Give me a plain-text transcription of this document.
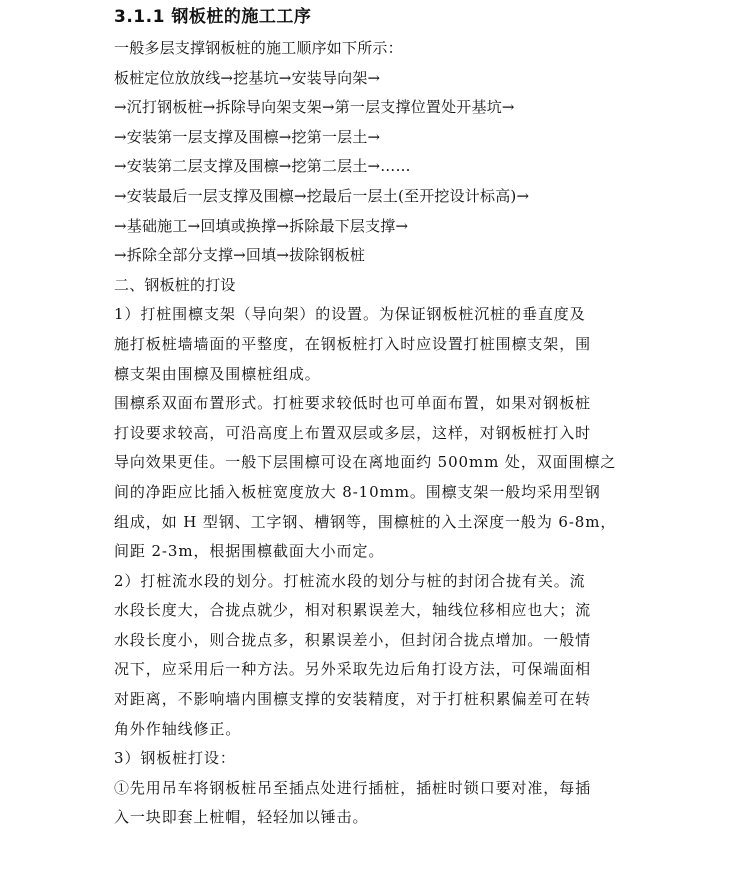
3.1.1 钢板桩的施工工序

一般多层支撑钢板桩的施工顺序如下所示：

板桩定位放放线→挖基坑→安装导向架→

→沉打钢板桩→拆除导向架支架→第一层支撑位置处开基坑→

→安装第一层支撑及围檩→挖第一层土→

→安装第二层支撑及围檩→挖第二层土→……

→安装最后一层支撑及围檩→挖最后一层土(至开挖设计标高)→

→基础施工→回填或换撑→拆除最下层支撑→

→拆除全部分支撑→回填→拔除钢板桩

二、钢板桩的打设

1）打桩围檩支架（导向架）的设置。为保证钢板桩沉桩的垂直度及

施打板桩墙墙面的平整度，在钢板桩打入时应设置打桩围檩支架，围

檩支架由围檩及围檩桩组成。

围檩系双面布置形式。打桩要求较低时也可单面布置，如果对钢板桩

打设要求较高，可沿高度上布置双层或多层，这样，对钢板桩打入时

导向效果更佳。一般下层围檩可设在离地面约 500mm 处，双面围檩之

间的净距应比插入板桩宽度放大 8-10mm。围檩支架一般均采用型钢

组成，如 H 型钢、工字钢、槽钢等，围檩桩的入土深度一般为 6-8m，

间距 2-3m，根据围檩截面大小而定。

2）打桩流水段的划分。打桩流水段的划分与桩的封闭合拢有关。流

水段长度大，合拢点就少，相对积累误差大，轴线位移相应也大；流

水段长度小，则合拢点多，积累误差小，但封闭合拢点增加。一般情

况下，应采用后一种方法。另外采取先边后角打设方法，可保端面相

对距离，不影响墙内围檩支撑的安装精度，对于打桩积累偏差可在转

角外作轴线修正。

3）钢板桩打设：

①先用吊车将钢板桩吊至插点处进行插桩，插桩时锁口要对准，每插

入一块即套上桩帽，轻轻加以锤击。
